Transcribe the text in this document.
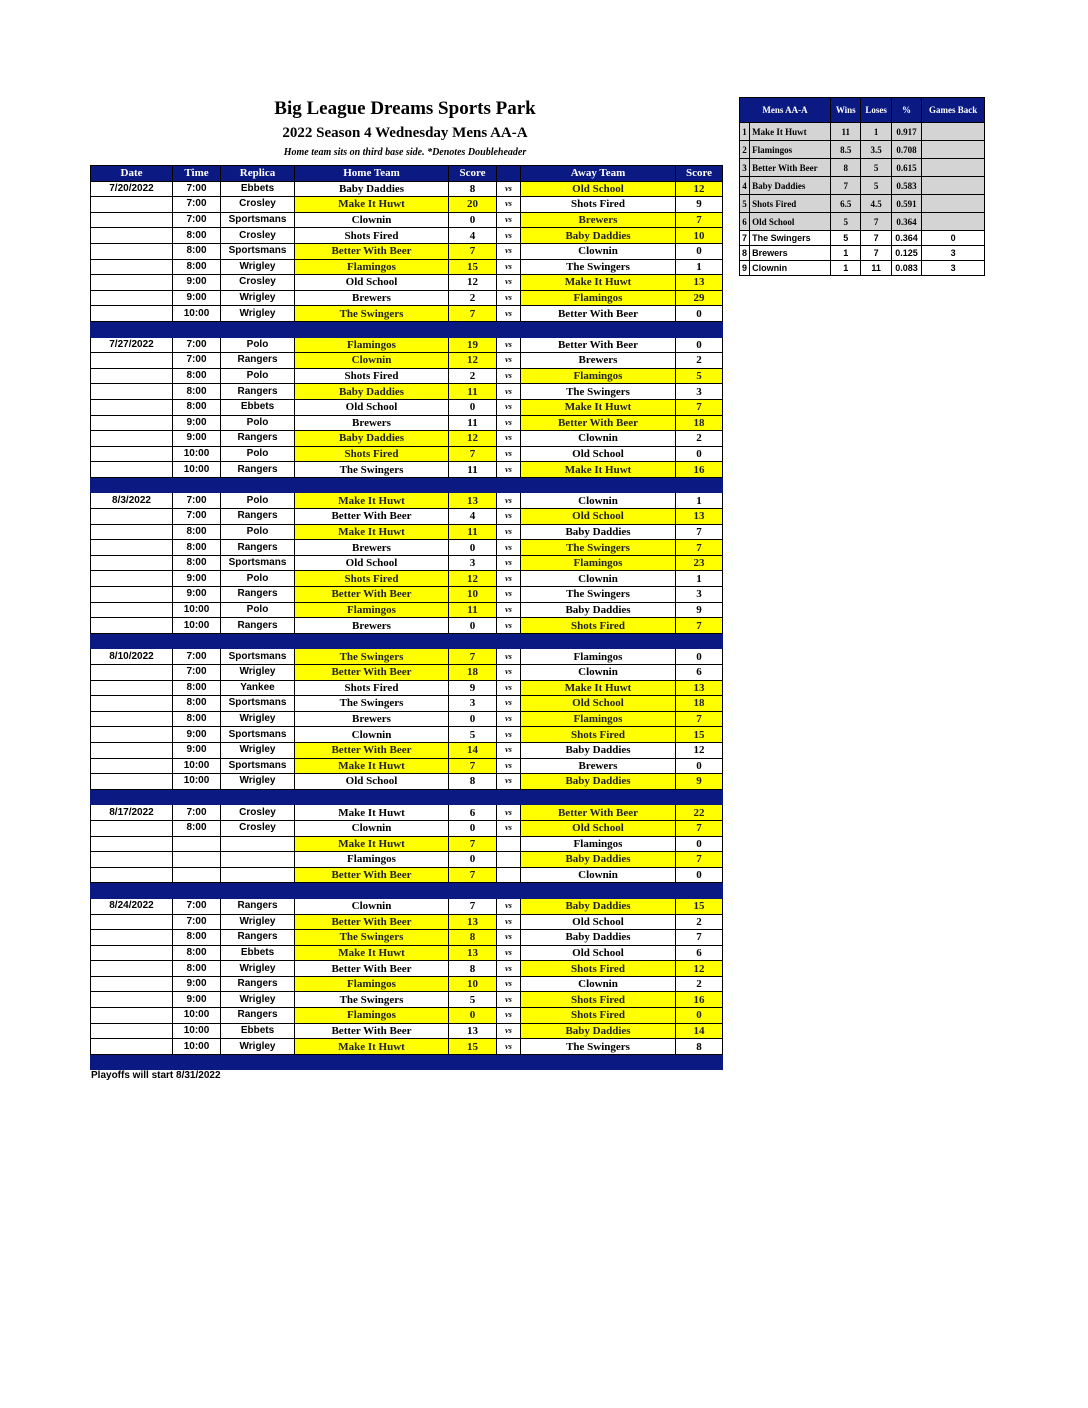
Big League Dreams Sports Park
2022 Season 4 Wednesday Mens AA-A
Home team sits on third base side. *Denotes Doubleheader
Date	Time	Replica	Home Team	Score		Away Team	Score
7/20/2022	7:00	Ebbets	Baby Daddies	8	vs	Old School	12
	7:00	Crosley	Make It Huwt	20	vs	Shots Fired	9
	7:00	Sportsmans	Clownin	0	vs	Brewers	7
	8:00	Crosley	Shots Fired	4	vs	Baby Daddies	10
	8:00	Sportsmans	Better With Beer	7	vs	Clownin	0
	8:00	Wrigley	Flamingos	15	vs	The Swingers	1
	9:00	Crosley	Old School	12	vs	Make It Huwt	13
	9:00	Wrigley	Brewers	2	vs	Flamingos	29
	10:00	Wrigley	The Swingers	7	vs	Better With Beer	0

7/27/2022	7:00	Polo	Flamingos	19	vs	Better With Beer	0
	7:00	Rangers	Clownin	12	vs	Brewers	2
	8:00	Polo	Shots Fired	2	vs	Flamingos	5
	8:00	Rangers	Baby Daddies	11	vs	The Swingers	3
	8:00	Ebbets	Old School	0	vs	Make It Huwt	7
	9:00	Polo	Brewers	11	vs	Better With Beer	18
	9:00	Rangers	Baby Daddies	12	vs	Clownin	2
	10:00	Polo	Shots Fired	7	vs	Old School	0
	10:00	Rangers	The Swingers	11	vs	Make It Huwt	16

8/3/2022	7:00	Polo	Make It Huwt	13	vs	Clownin	1
	7:00	Rangers	Better With Beer	4	vs	Old School	13
	8:00	Polo	Make It Huwt	11	vs	Baby Daddies	7
	8:00	Rangers	Brewers	0	vs	The Swingers	7
	8:00	Sportsmans	Old School	3	vs	Flamingos	23
	9:00	Polo	Shots Fired	12	vs	Clownin	1
	9:00	Rangers	Better With Beer	10	vs	The Swingers	3
	10:00	Polo	Flamingos	11	vs	Baby Daddies	9
	10:00	Rangers	Brewers	0	vs	Shots Fired	7

8/10/2022	7:00	Sportsmans	The Swingers	7	vs	Flamingos	0
	7:00	Wrigley	Better With Beer	18	vs	Clownin	6
	8:00	Yankee	Shots Fired	9	vs	Make It Huwt	13
	8:00	Sportsmans	The Swingers	3	vs	Old School	18
	8:00	Wrigley	Brewers	0	vs	Flamingos	7
	9:00	Sportsmans	Clownin	5	vs	Shots Fired	15
	9:00	Wrigley	Better With Beer	14	vs	Baby Daddies	12
	10:00	Sportsmans	Make It Huwt	7	vs	Brewers	0
	10:00	Wrigley	Old School	8	vs	Baby Daddies	9

8/17/2022	7:00	Crosley	Make It Huwt	6	vs	Better With Beer	22
	8:00	Crosley	Clownin	0	vs	Old School	7
			Make It Huwt	7		Flamingos	0
			Flamingos	0		Baby Daddies	7
			Better With Beer	7		Clownin	0

8/24/2022	7:00	Rangers	Clownin	7	vs	Baby Daddies	15
	7:00	Wrigley	Better With Beer	13	vs	Old School	2
	8:00	Rangers	The Swingers	8	vs	Baby Daddies	7
	8:00	Ebbets	Make It Huwt	13	vs	Old School	6
	8:00	Wrigley	Better With Beer	8	vs	Shots Fired	12
	9:00	Rangers	Flamingos	10	vs	Clownin	2
	9:00	Wrigley	The Swingers	5	vs	Shots Fired	16
	10:00	Rangers	Flamingos	0	vs	Shots Fired	0
	10:00	Ebbets	Better With Beer	13	vs	Baby Daddies	14
	10:00	Wrigley	Make It Huwt	15	vs	The Swingers	8

Mens AA-A		Wins	Loses	%	Games Back
1	Make It Huwt	11	1	0.917	
2	Flamingos	8.5	3.5	0.708	
3	Better With Beer	8	5	0.615	
4	Baby Daddies	7	5	0.583	
5	Shots Fired	6.5	4.5	0.591	
6	Old School	5	7	0.364	
7	The Swingers	5	7	0.364	0
8	Brewers	1	7	0.125	3
9	Clownin	1	11	0.083	3
Playoffs will start 8/31/2022
